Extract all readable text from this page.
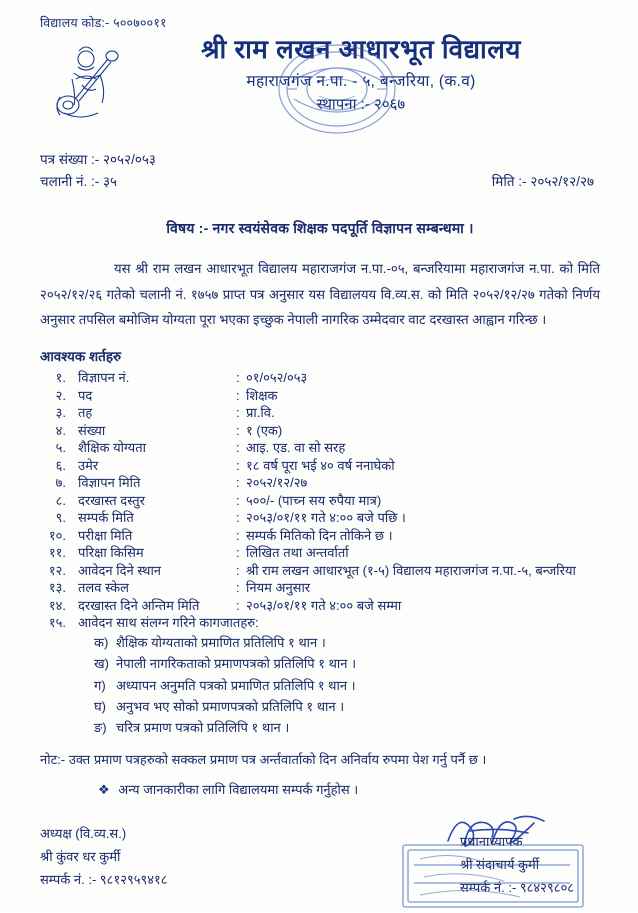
विद्यालय कोड:- ५००७००११
श्री राम लखन आधारभूत विद्यालय
महाराजगंज न.पा. - ५, बन्जरिया, (क.व)
स्थापना :- २०६७
पत्र संख्या :- २०५२/०५३
चलानी नं. :- ३५	मिति :- २०५२/१२/२७
विषय :- नगर स्वयंसेवक शिक्षक पदपूर्ति विज्ञापन सम्बन्धमा ।
यस श्री राम लखन आधारभूत विद्यालय महाराजगंज न.पा.-०५, बन्जरियामा महाराजगंज न.पा. को मिति २०५२/१२/२६ गतेको चलानी नं. १७५७ प्राप्त पत्र अनुसार यस विद्यालयय वि.व्य.स. को मिति २०५२/१२/२७ गतेको निर्णय अनुसार तपसिल बमोजिम योग्यता पूरा भएका इच्छुक नेपाली नागरिक उम्मेदवार वाट दरखास्त आह्वान गरिन्छ ।
आवश्यक शर्तहरु
१. विज्ञापन नं.	: ०१/०५२/०५३
२. पद	: शिक्षक
३. तह	: प्रा.वि.
४. संख्या	: १ (एक)
५. शैक्षिक योग्यता	: आइ. एड. वा सो सरह
६. उमेर	: १८ वर्ष पूरा भई ४० वर्ष ननाघेको
७. विज्ञापन मिति	: २०५२/१२/२७
८. दरखास्त दस्तुर	: ५००/- (पाच्न सय रुपैया मात्र)
९. सम्पर्क मिति	: २०५३/०१/११ गते ४:०० बजे पछि ।
१०. परीक्षा मिति	: सम्पर्क मितिको दिन तोकिने छ ।
११. परिक्षा किसिम	: लिखित तथा अन्तर्वार्ता
१२. आवेदन दिने स्थान	: श्री राम लखन आधारभूत (१-५) विद्यालय महाराजगंज न.पा.-५, बन्जरिया
१३. तलव स्केल	: नियम अनुसार
१४. दरखास्त दिने अन्तिम मिति	: २०५३/०१/११ गते ४:०० बजे सम्मा
१५. आवेदन साथ संलग्न गरिने कागजातहरु :
क) शैक्षिक योग्यताको प्रमाणित प्रतिलिपि १ थान ।
ख) नेपाली नागरिकताको प्रमाणपत्रको प्रतिलिपि १ थान ।
ग) अध्यापन अनुमति पत्रको प्रमाणित प्रतिलिपि १ थान ।
घ) अनुभव भए सोको प्रमाणपत्रको प्रतिलिपि १ थान ।
ङ) चरित्र प्रमाण पत्रको प्रतिलिपि १ थान ।
नोट:- उक्त प्रमाण पत्रहरुको सक्कल प्रमाण पत्र अर्न्तवार्ताको दिन अनिर्वाय रुपमा पेश गर्नु पर्नै छ ।
❖ अन्य जानकारीका लागि विद्यालयमा सम्पर्क गर्नुहोस ।
अध्यक्ष (वि.व्य.स.)
श्री कुंवर धर कुर्मी
सम्पर्क नं. :- ९८१२९५९४१८
प्रधानाध्यापक
श्री संदाचार्य कुर्मी
सम्पर्क नं. :- ९८४२९८०८
